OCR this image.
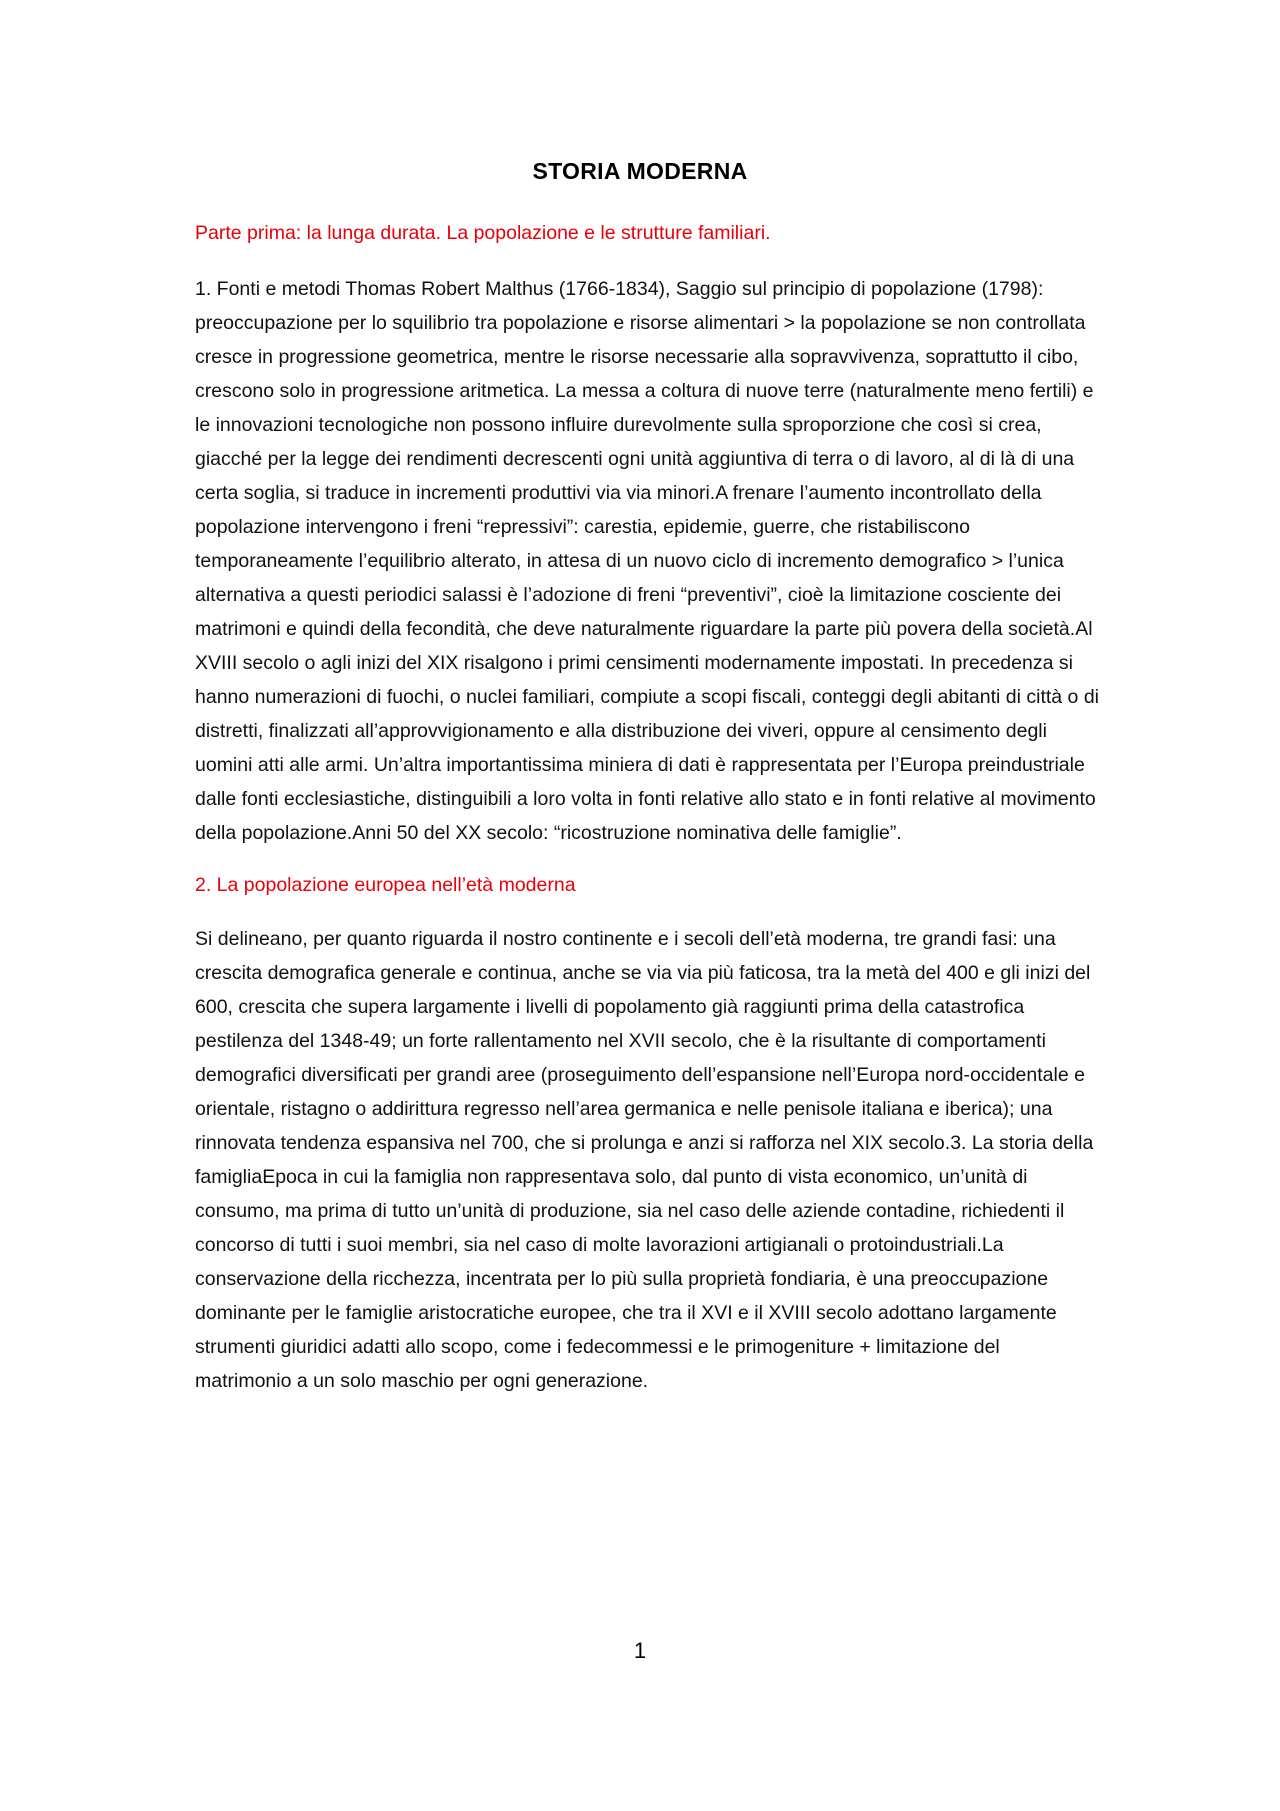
STORIA MODERNA

Parte prima: la lunga durata. La popolazione e le strutture familiari.

1. Fonti e metodi Thomas Robert Malthus (1766-1834), Saggio sul principio di popolazione (1798): preoccupazione per lo squilibrio tra popolazione e risorse alimentari > la popolazione se non controllata cresce in progressione geometrica, mentre le risorse necessarie alla sopravvivenza, soprattutto il cibo, crescono solo in progressione aritmetica. La messa a coltura di nuove terre (naturalmente meno fertili) e le innovazioni tecnologiche non possono influire durevolmente sulla sproporzione che così si crea, giacché per la legge dei rendimenti decrescenti ogni unità aggiuntiva di terra o di lavoro, al di là di una certa soglia, si traduce in incrementi produttivi via via minori.A frenare l’aumento incontrollato della popolazione intervengono i freni “repressivi”: carestia, epidemie, guerre, che ristabiliscono temporaneamente l’equilibrio alterato, in attesa di un nuovo ciclo di incremento demografico > l’unica alternativa a questi periodici salassi è l’adozione di freni “preventivi”, cioè la limitazione cosciente dei matrimoni e quindi della fecondità, che deve naturalmente riguardare la parte più povera della società.Al XVIII secolo o agli inizi del XIX risalgono i primi censimenti modernamente impostati. In precedenza si hanno numerazioni di fuochi, o nuclei familiari, compiute a scopi fiscali, conteggi degli abitanti di città o di distretti, finalizzati all’approvvigionamento e alla distribuzione dei viveri, oppure al censimento degli uomini atti alle armi. Un’altra importantissima miniera di dati è rappresentata per l’Europa preindustriale dalle fonti ecclesiastiche, distinguibili a loro volta in fonti relative allo stato e in fonti relative al movimento della popolazione.Anni 50 del XX secolo: “ricostruzione nominativa delle famiglie”.

2. La popolazione europea nell’età moderna

Si delineano, per quanto riguarda il nostro continente e i secoli dell’età moderna, tre grandi fasi: una crescita demografica generale e continua, anche se via via più faticosa, tra la metà del 400 e gli inizi del 600, crescita che supera largamente i livelli di popolamento già raggiunti prima della catastrofica pestilenza del 1348-49; un forte rallentamento nel XVII secolo, che è la risultante di comportamenti demografici diversificati per grandi aree (proseguimento dell’espansione nell’Europa nord-occidentale e orientale, ristagno o addirittura regresso nell’area germanica e nelle penisole italiana e iberica); una rinnovata tendenza espansiva nel 700, che si prolunga e anzi si rafforza nel XIX secolo.3. La storia della famigliaEpoca in cui la famiglia non rappresentava solo, dal punto di vista economico, un’unità di consumo, ma prima di tutto un’unità di produzione, sia nel caso delle aziende contadine, richiedenti il concorso di tutti i suoi membri, sia nel caso di molte lavorazioni artigianali o protoindustriali.La conservazione della ricchezza, incentrata per lo più sulla proprietà fondiaria, è una preoccupazione dominante per le famiglie aristocratiche europee, che tra il XVI e il XVIII secolo adottano largamente strumenti giuridici adatti allo scopo, come i fedecommessi e le primogeniture + limitazione del matrimonio a un solo maschio per ogni generazione.

1
